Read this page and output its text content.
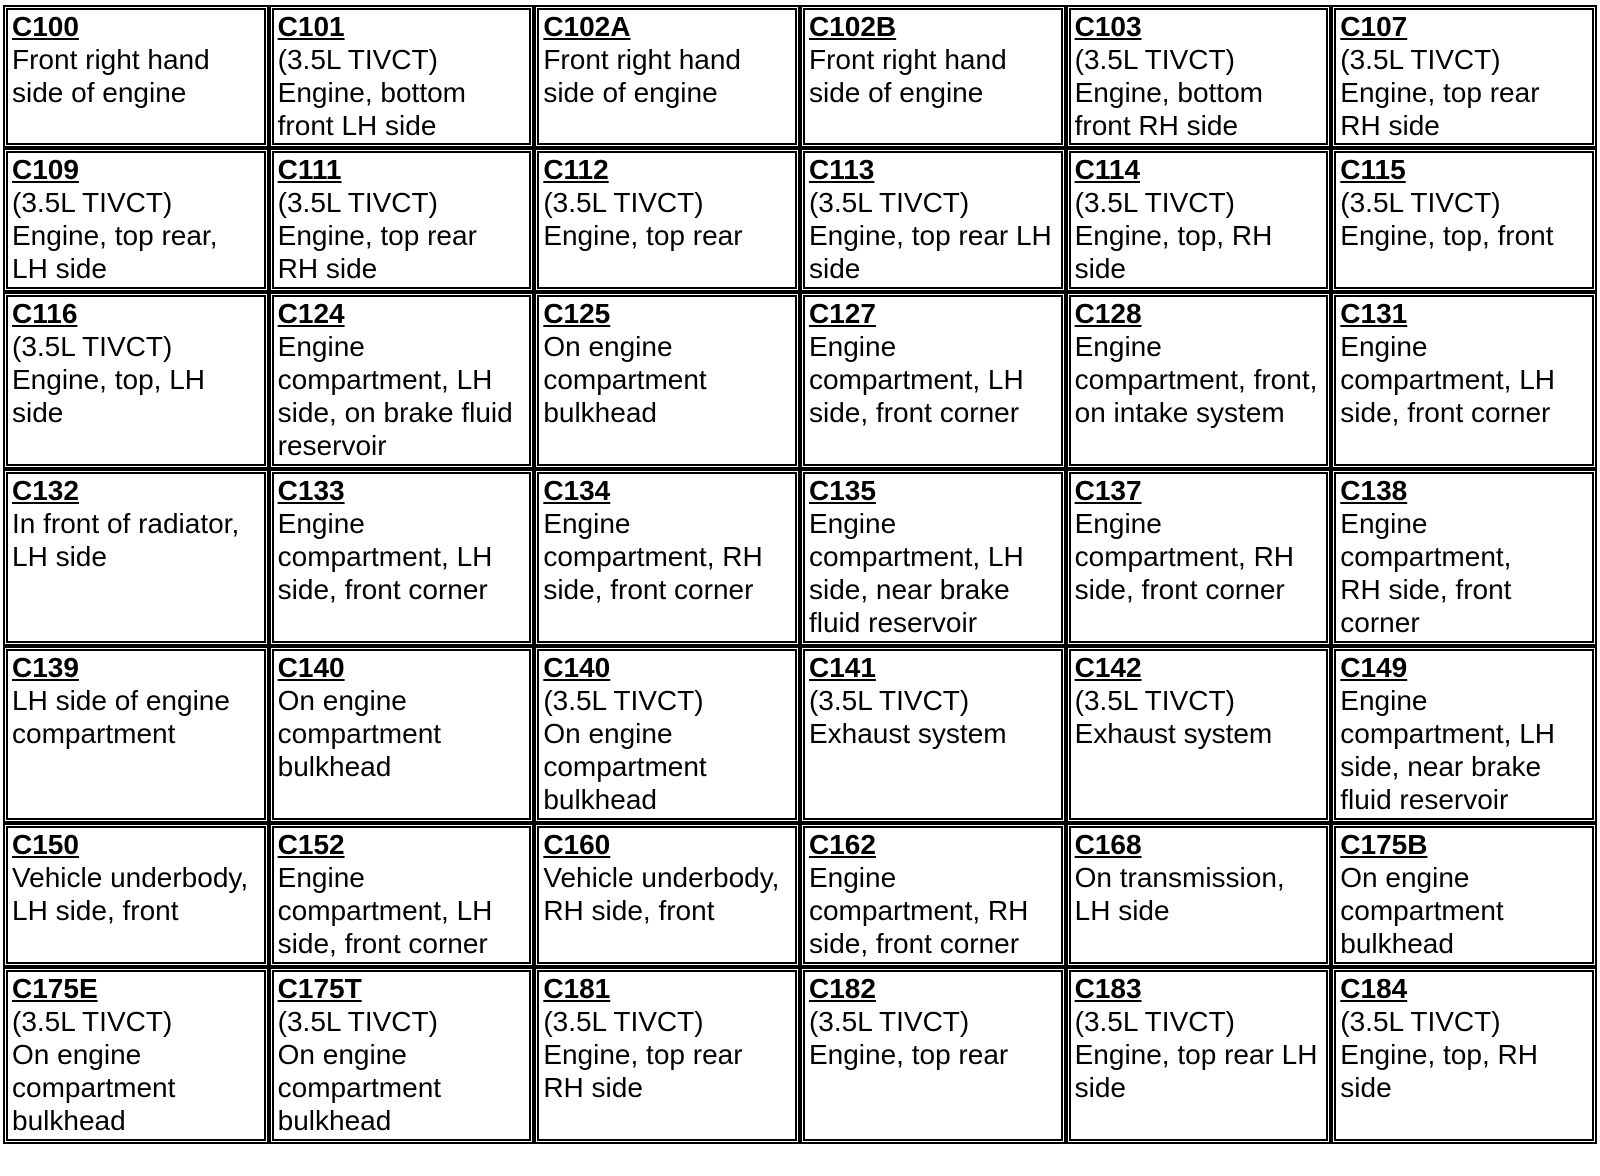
C100
Front right hand
side of engine	C101
(3.5L TIVCT)
Engine, bottom
front LH side	C102A
Front right hand
side of engine	C102B
Front right hand
side of engine	C103
(3.5L TIVCT)
Engine, bottom
front RH side	C107
(3.5L TIVCT)
Engine, top rear
RH side

C109
(3.5L TIVCT)
Engine, top rear,
LH side	C111
(3.5L TIVCT)
Engine, top rear
RH side	C112
(3.5L TIVCT)
Engine, top rear	C113
(3.5L TIVCT)
Engine, top rear LH
side	C114
(3.5L TIVCT)
Engine, top, RH
side	C115
(3.5L TIVCT)
Engine, top, front

C116
(3.5L TIVCT)
Engine, top, LH
side	C124
Engine
compartment, LH
side, on brake fluid
reservoir	C125
On engine
compartment
bulkhead	C127
Engine
compartment, LH
side, front corner	C128
Engine
compartment, front,
on intake system	C131
Engine
compartment, LH
side, front corner

C132
In front of radiator,
LH side	C133
Engine
compartment, LH
side, front corner	C134
Engine
compartment, RH
side, front corner	C135
Engine
compartment, LH
side, near brake
fluid reservoir	C137
Engine
compartment, RH
side, front corner	C138
Engine
compartment,
RH side, front
corner

C139
LH side of engine
compartment	C140
On engine
compartment
bulkhead	C140
(3.5L TIVCT)
On engine
compartment
bulkhead	C141
(3.5L TIVCT)
Exhaust system	C142
(3.5L TIVCT)
Exhaust system	C149
Engine
compartment, LH
side, near brake
fluid reservoir

C150
Vehicle underbody,
LH side, front	C152
Engine
compartment, LH
side, front corner	C160
Vehicle underbody,
RH side, front	C162
Engine
compartment, RH
side, front corner	C168
On transmission,
LH side	C175B
On engine
compartment
bulkhead

C175E
(3.5L TIVCT)
On engine
compartment
bulkhead	C175T
(3.5L TIVCT)
On engine
compartment
bulkhead	C181
(3.5L TIVCT)
Engine, top rear
RH side	C182
(3.5L TIVCT)
Engine, top rear	C183
(3.5L TIVCT)
Engine, top rear LH
side	C184
(3.5L TIVCT)
Engine, top, RH
side
